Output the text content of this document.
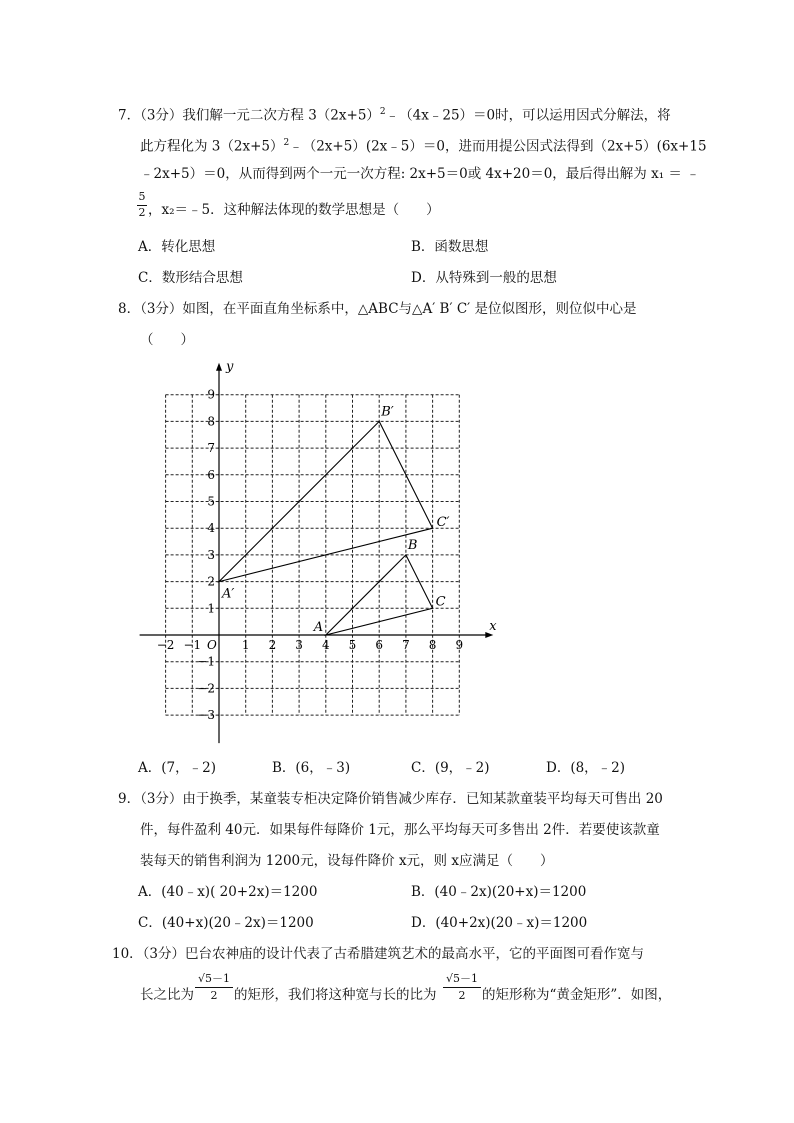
7．（3分）我们解一元二次方程 $3(2x+5)^2﹣(4x﹣25)=0$时，可以运用因式分解法，将
此方程化为 $3(2x+5)^2﹣(2x+5)(2x﹣5)=0$，进而用提公因式法得到（2x+5）(6x+15
﹣2x+5）＝0，从而得到两个一元一次方程: 2x+5＝0或 4x+20＝0，最后得出解为 x₁ ＝ ﹣
5
2 ，x₂＝﹣5．这种解法体现的数学思想是（　　）
A．转化思想	B．函数思想
C．数形结合思想	D．从特殊到一般的思想
8．（3分）如图，在平面直角坐标系中，△ABC与△A′ B′ C′ 是位似图形，则位似中心是
（　　）
x
y
−2 −1	1 2 3 4 5 6 7 8 9
9
8
7
6
5
4
3
2
1
−1
−2
−3
O
A
B
C
A′
B′
C′
A．(7，﹣2)	B．(6，﹣3)	C．(9，﹣2)	D．(8，﹣2)
9．（3分）由于换季，某童装专柜决定降价销售减少库存．已知某款童装平均每天可售出 20
件，每件盈利 40元．如果每件每降价 1元，那么平均每天可多售出 2件．若要使该款童
装每天的销售利润为 1200元，设每件降价 x元，则 x应满足（　　）
A．(40﹣x)( 20+2x)＝1200	B．(40﹣2x)(20+x)＝1200
C．(40+x)(20﹣2x)＝1200	D．(40+2x)(20﹣x)＝1200
10．（3分）巴台农神庙的设计代表了古希腊建筑艺术的最高水平，它的平面图可看作宽与
长之比为
√5－1
2	的矩形，我们将这种宽与长的比为
√5－1
2	的矩形称为“黄金矩形”．如图，
